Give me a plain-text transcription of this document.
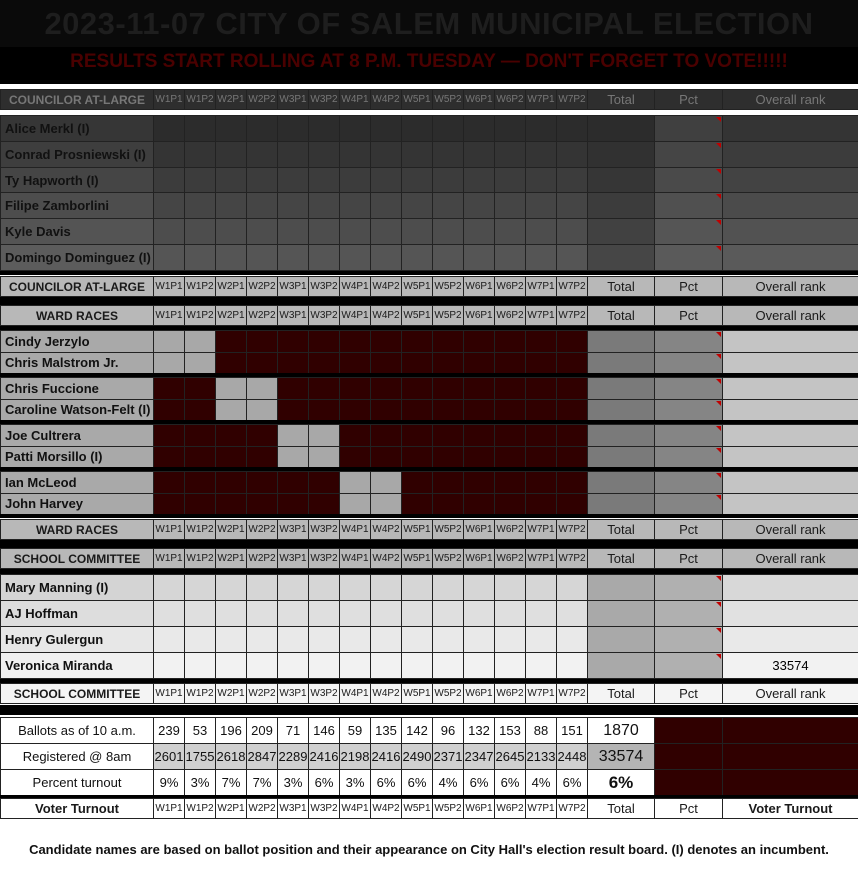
2023-11-07 CITY OF SALEM MUNICIPAL ELECTION
RESULTS START ROLLING AT 8 P.M. TUESDAY — DON'T FORGET TO VOTE!!!!!
COUNCILOR AT-LARGE	W1P1	W1P2	W2P1	W2P2	W3P1	W3P2	W4P1	W4P2	W5P1	W5P2	W6P1	W6P2	W7P1	W7P2	Total	Pct	Overall rank
Alice Merkl (I)																

Conrad Prosniewski (I)																

Ty Hapworth (I)																

Filipe Zamborlini																

Kyle Davis																

Domingo Dominguez (I)																

COUNCILOR AT-LARGE	W1P1	W1P2	W2P1	W2P2	W3P1	W3P2	W4P1	W4P2	W5P1	W5P2	W6P1	W6P2	W7P1	W7P2	Total	Pct	Overall rank
WARD RACES	W1P1	W1P2	W2P1	W2P2	W3P1	W3P2	W4P1	W4P2	W5P1	W5P2	W6P1	W6P2	W7P1	W7P2	Total	Pct	Overall rank
Cindy Jerzylo																

Chris Malstrom Jr.																

Chris Fuccione																

Caroline Watson-Felt (I)																

Joe Cultrera																

Patti Morsillo (I)																

Ian McLeod																

John Harvey																

WARD RACES	W1P1	W1P2	W2P1	W2P2	W3P1	W3P2	W4P1	W4P2	W5P1	W5P2	W6P1	W6P2	W7P1	W7P2	Total	Pct	Overall rank
SCHOOL COMMITTEE	W1P1	W1P2	W2P1	W2P2	W3P1	W3P2	W4P1	W4P2	W5P1	W5P2	W6P1	W6P2	W7P1	W7P2	Total	Pct	Overall rank
Mary Manning (I)																

AJ Hoffman																

Henry Gulergun																

Veronica Miranda																	33574
SCHOOL COMMITTEE	W1P1	W1P2	W2P1	W2P2	W3P1	W3P2	W4P1	W4P2	W5P1	W5P2	W6P1	W6P2	W7P1	W7P2	Total	Pct	Overall rank
Ballots as of 10 a.m.	239	53	196	209	71	146	59	135	142	96	132	153	88	151	1870		
Registered @ 8am	2601	1755	2618	2847	2289	2416	2198	2416	2490	2371	2347	2645	2133	2448	33574		
Percent turnout	9%	3%	7%	7%	3%	6%	3%	6%	6%	4%	6%	6%	4%	6%	6%		
Voter Turnout	W1P1	W1P2	W2P1	W2P2	W3P1	W3P2	W4P1	W4P2	W5P1	W5P2	W6P1	W6P2	W7P1	W7P2	Total	Pct	Voter Turnout
Candidate names are based on ballot position and their appearance on City Hall's election result board. (I) denotes an incumbent.
